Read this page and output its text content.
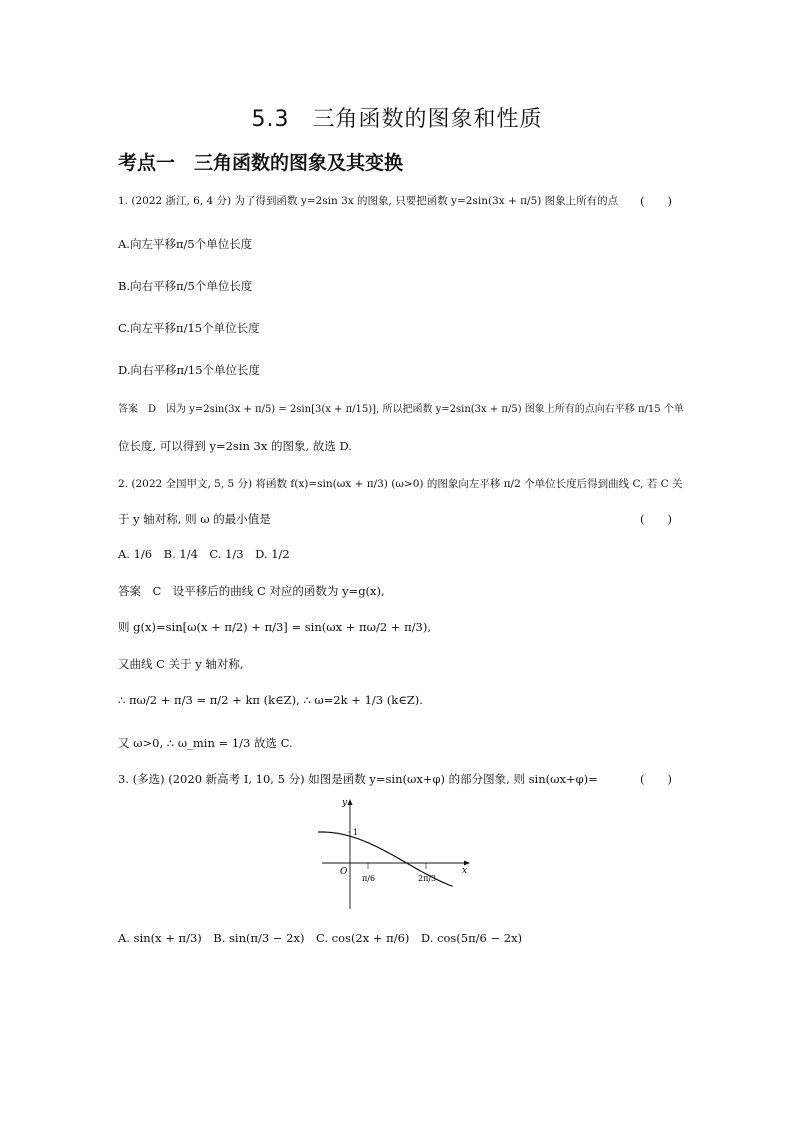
5.3　三角函数的图象和性质
考点一　三角函数的图象及其变换
1. (2022 浙江, 6, 4 分) 为了得到函数 y=2sin 3x 的图象, 只要把函数 y=2sin(3x + π/5) 图象上所有的点 (　　)
A.向左平移π/5个单位长度
B.向右平移π/5个单位长度
C.向左平移π/15个单位长度
D.向右平移π/15个单位长度
答案　D　因为 y=2sin(3x + π/5) = 2sin[3(x + π/15)], 所以把函数 y=2sin(3x + π/5) 图象上所有的点向右平移 π/15 个单
位长度, 可以得到 y=2sin 3x 的图象, 故选 D.
2. (2022 全国甲文, 5, 5 分) 将函数 f(x)=sin(ωx + π/3) (ω>0) 的图象向左平移 π/2 个单位长度后得到曲线 C, 若 C 关
于 y 轴对称, 则 ω 的最小值是	(　　)
A. 1/6　B. 1/4　C. 1/3　D. 1/2
答案　C　设平移后的曲线 C 对应的函数为 y=g(x),
则 g(x)=sin[ω(x + π/2) + π/3] = sin(ωx + πω/2 + π/3),
又曲线 C 关于 y 轴对称,
∴ πω/2 + π/3 = π/2 + kπ (k∈Z), ∴ ω=2k + 1/3 (k∈Z).
又 ω>0, ∴ ω_min = 1/3 故选 C.
3. (多选) (2020 新高考 I, 10, 5 分) 如图是函数 y=sin(ωx+φ) 的部分图象, 则 sin(ωx+φ)=	(　　)
y
x
O
1
π/6	2π/3
A. sin(x + π/3)　B. sin(π/3 − 2x)　C. cos(2x + π/6)　D. cos(5π/6 − 2x)
